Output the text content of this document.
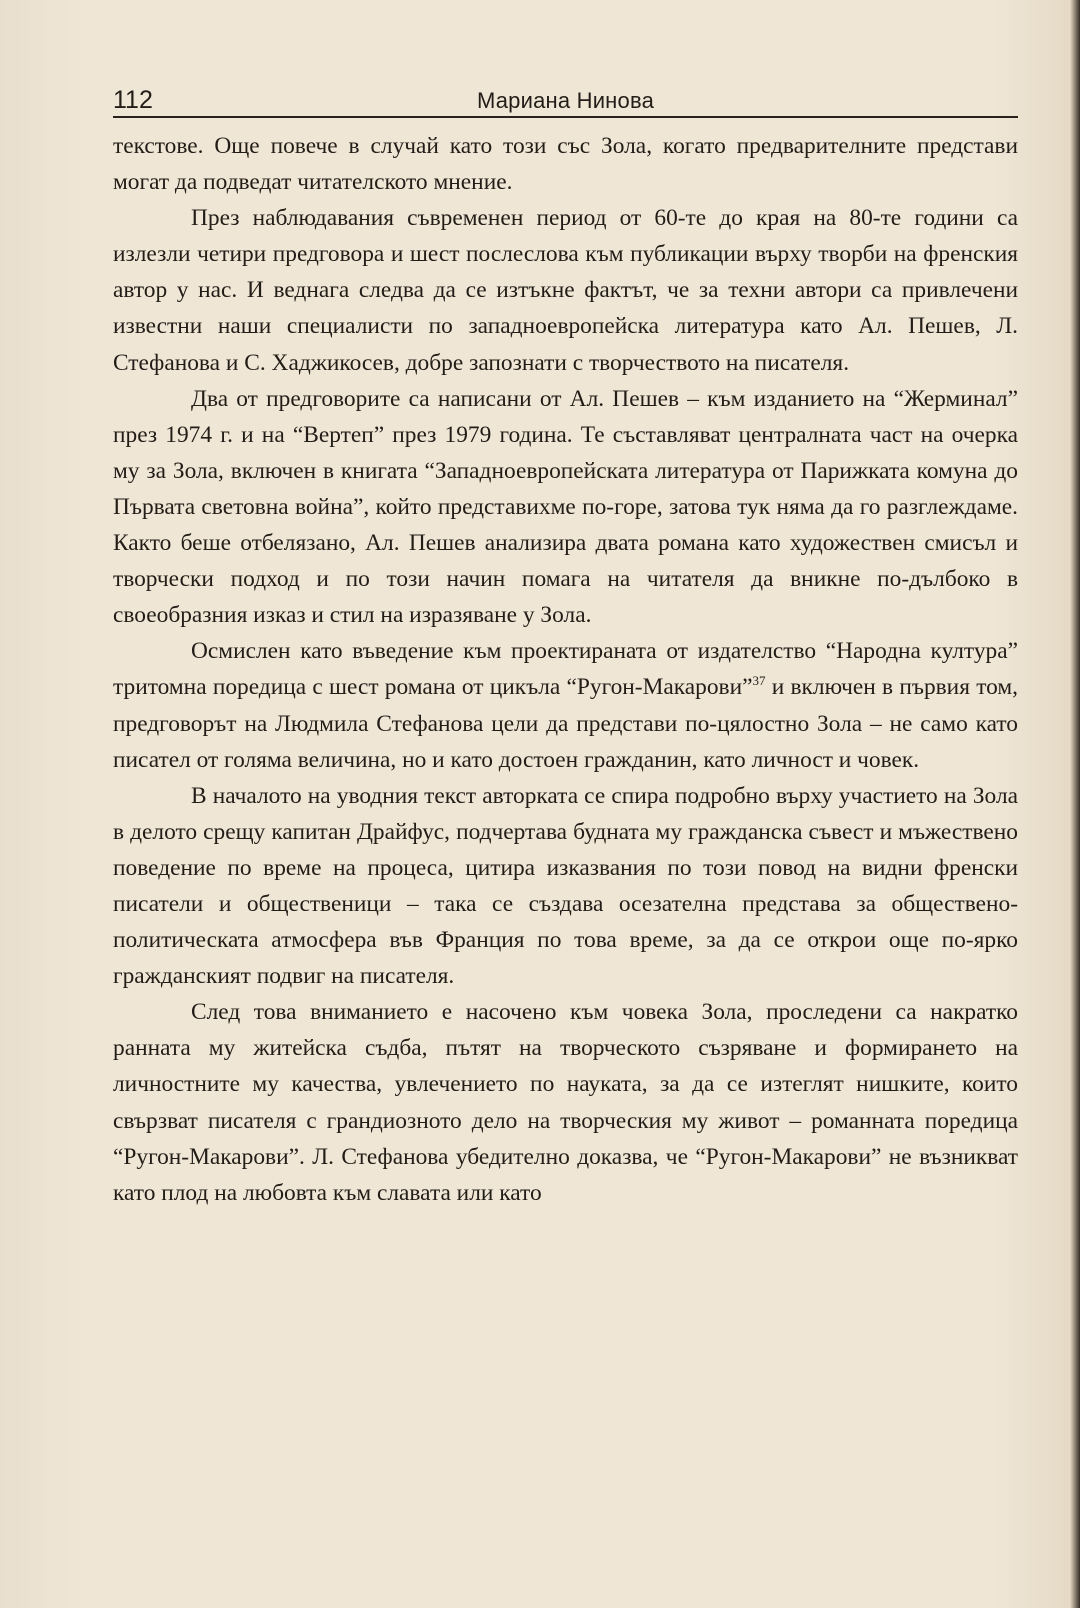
112	Мариана Нинова

текстове. Още повече в случай като този със Зола, когато предварителните представи могат да подведат читателското мнение.

През наблюдавания съвременен период от 60-те до края на 80-те години са излезли четири предговора и шест послеслова към публикации върху творби на френския автор у нас. И веднага следва да се изтъкне фактът, че за техни автори са привлечени известни наши специалисти по западноевропейска литература като Ал. Пешев, Л. Стефанова и С. Хаджикосев, добре запознати с творчеството на писателя.

Два от предговорите са написани от Ал. Пешев – към изданието на “Жерминал” през 1974 г. и на “Вертеп” през 1979 година. Те съставляват централната част на очерка му за Зола, включен в книгата “Западноевропейската литература от Парижката комуна до Първата световна война”, който представихме по-горе, затова тук няма да го разглеждаме. Както беше отбелязано, Ал. Пешев анализира двата романа като художествен смисъл и творчески подход и по този начин помага на читателя да вникне по-дълбоко в своеобразния изказ и стил на изразяване у Зола.

Осмислен като въведение към проектираната от издателство “Народна култура” тритомна поредица с шест романа от цикъла “Ругон-Макарови”$^{37}$ и включен в първия том, предговорът на Людмила Стефанова цели да представи по-цялостно Зола – не само като писател от голяма величина, но и като достоен гражданин, като личност и човек.

В началото на уводния текст авторката се спира подробно върху участието на Зола в делото срещу капитан Драйфус, подчертава будната му гражданска съвест и мъжествено поведение по време на процеса, цитира изказвания по този повод на видни френски писатели и общественици – така се създава осезателна представа за обществено-политическата атмосфера във Франция по това време, за да се открои още по-ярко гражданският подвиг на писателя.

След това вниманието е насочено към човека Зола, проследени са накратко ранната му житейска съдба, пътят на творческото съзряване и формирането на личностните му качества, увлечението по науката, за да се изтеглят нишките, които свързват писателя с грандиозното дело на творческия му живот – романната поредица “Ругон-Макарови”. Л. Стефанова убедително доказва, че “Ругон-Макарови” не възникват като плод на любовта към славата или като
